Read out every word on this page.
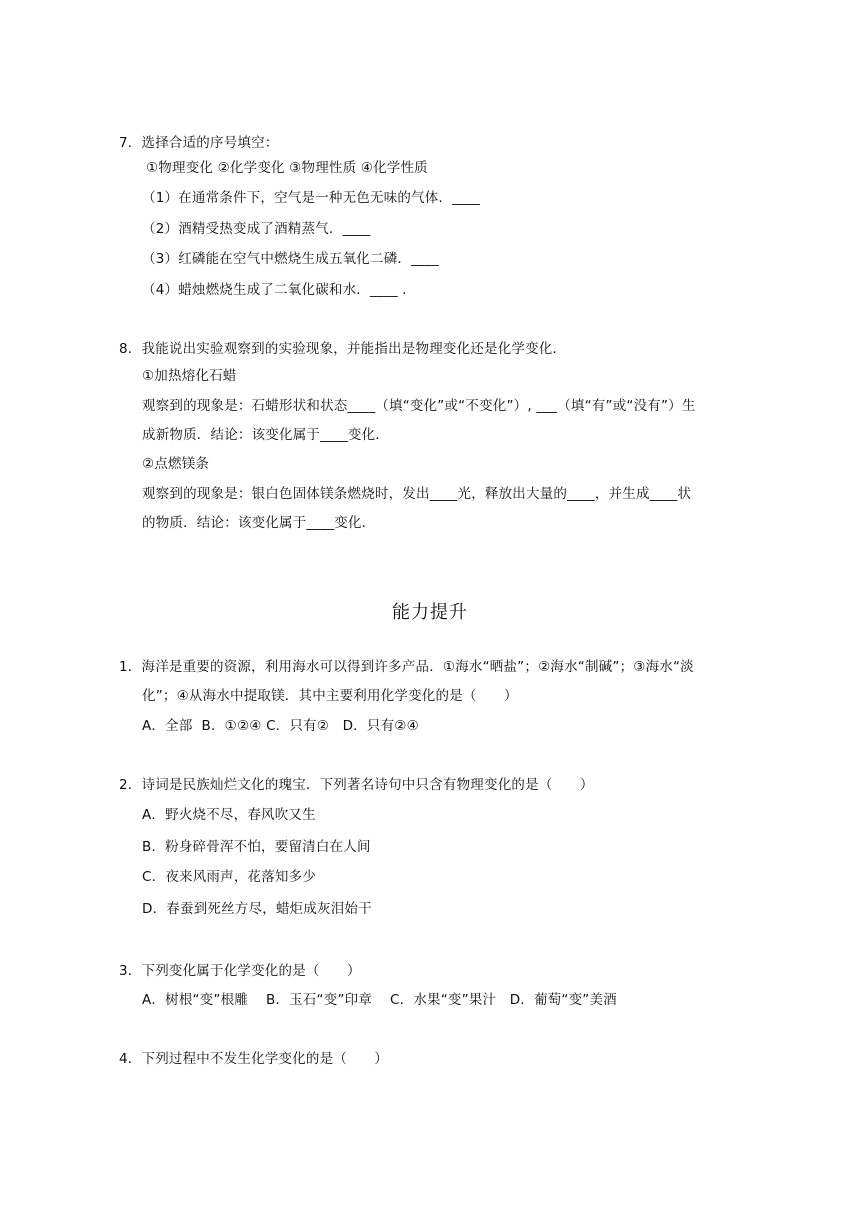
7．选择合适的序号填空：
①物理变化 ②化学变化 ③物理性质 ④化学性质
（1）在通常条件下，空气是一种无色无味的气体．____
（2）酒精受热变成了酒精蒸气．____
（3）红磷能在空气中燃烧生成五氧化二磷．____
（4）蜡烛燃烧生成了二氧化碳和水．____ ．
8．我能说出实验观察到的实验现象，并能指出是物理变化还是化学变化．
①加热熔化石蜡
观察到的现象是：石蜡形状和状态____（填“变化”或“不变化”）, ___（填“有”或“没有”）生
成新物质．结论：该变化属于____变化．
②点燃镁条
观察到的现象是：银白色固体镁条燃烧时，发出____光，释放出大量的____，并生成____状
的物质．结论：该变化属于____变化．
能力提升
1．海洋是重要的资源，利用海水可以得到许多产品．①海水“晒盐”；②海水“制碱”；③海水“淡
化”；④从海水中提取镁．其中主要利用化学变化的是（　　）
A．全部  B．①②④ C．只有②   D．只有②④
2．诗词是民族灿烂文化的瑰宝．下列著名诗句中只含有物理变化的是（　　）
A．野火烧不尽，春风吹又生
B．粉身碎骨浑不怕，要留清白在人间
C．夜来风雨声，花落知多少
D．春蚕到死丝方尽，蜡炬成灰泪始干
3．下列变化属于化学变化的是（　　）
A．树根“变”根雕    B．玉石“变”印章    C．水果“变”果汁   D．葡萄“变”美酒
4．下列过程中不发生化学变化的是（　　）
